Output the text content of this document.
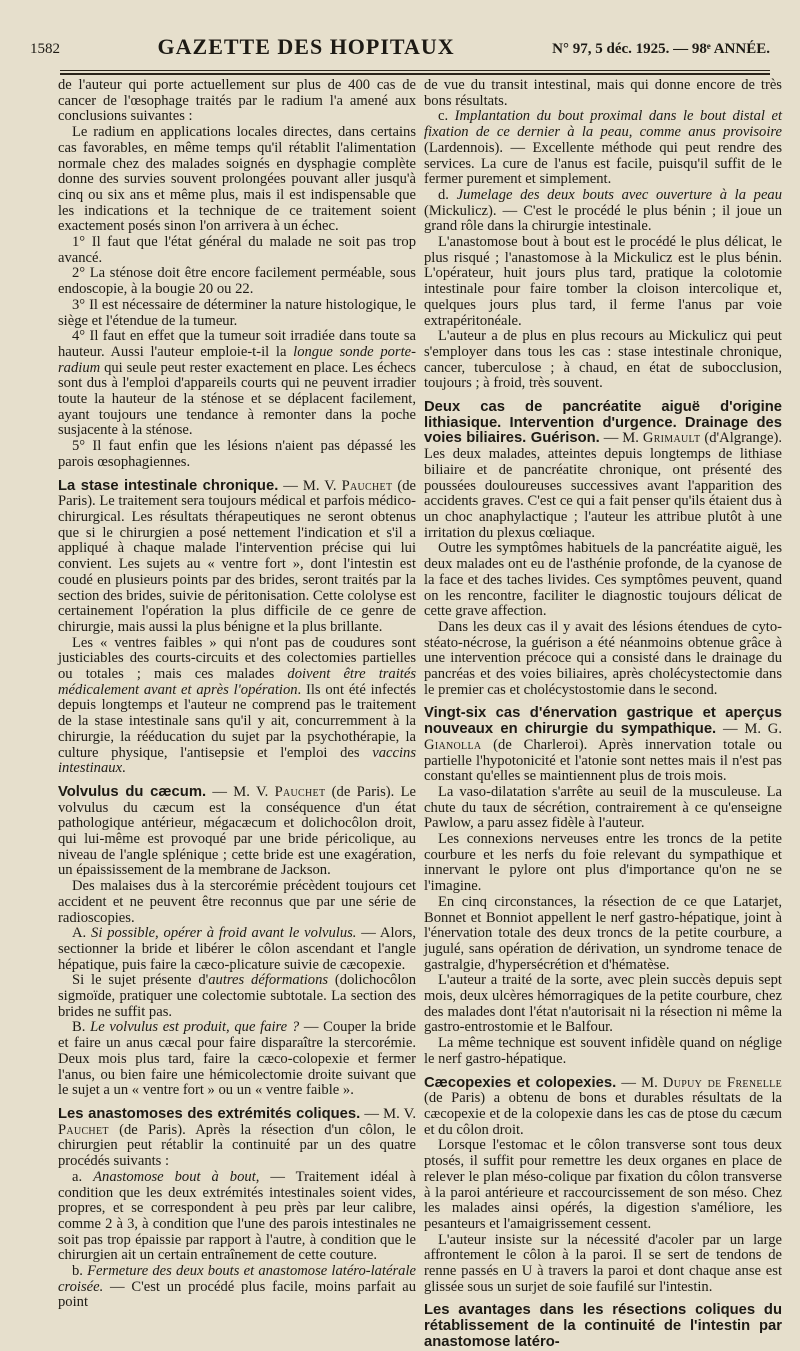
1582	GAZETTE DES HOPITAUX	N° 97, 5 déc. 1925. — 98ᵉ ANNÉE.

de l'auteur qui porte actuellement sur plus de 400 cas de cancer de l'œsophage traités par le radium l'a amené aux conclusions suivantes :

Le radium en applications locales directes, dans certains cas favorables, en même temps qu'il rétablit l'alimentation normale chez des malades soignés en dysphagie complète donne des survies souvent prolongées pouvant aller jusqu'à cinq ou six ans et même plus, mais il est indispensable que les indications et la technique de ce traitement soient exactement posés sinon l'on arrivera à un échec.

1° Il faut que l'état général du malade ne soit pas trop avancé.

2° La sténose doit être encore facilement perméable, sous endoscopie, à la bougie 20 ou 22.

3° Il est nécessaire de déterminer la nature histologique, le siège et l'étendue de la tumeur.

4° Il faut en effet que la tumeur soit irradiée dans toute sa hauteur. Aussi l'auteur emploie-t-il la longue sonde porte-radium qui seule peut rester exactement en place. Les échecs sont dus à l'emploi d'appareils courts qui ne peuvent irradier toute la hauteur de la sténose et se déplacent facilement, ayant toujours une tendance à remonter dans la poche susjacente à la sténose.

5° Il faut enfin que les lésions n'aient pas dépassé les parois œsophagiennes.

La stase intestinale chronique. — M. V. Pauchet (de Paris). Le traitement sera toujours médical et parfois médico-chirurgical. Les résultats thérapeutiques ne seront obtenus que si le chirurgien a posé nettement l'indication et s'il a appliqué à chaque malade l'intervention précise qui lui convient. Les sujets au « ventre fort », dont l'intestin est coudé en plusieurs points par des brides, seront traités par la section des brides, suivie de péritonisation. Cette cololyse est certainement l'opération la plus difficile de ce genre de chirurgie, mais aussi la plus bénigne et la plus brillante.

Les « ventres faibles » qui n'ont pas de coudures sont justiciables des courts-circuits et des colectomies partielles ou totales ; mais ces malades doivent être traités médicalement avant et après l'opération. Ils ont été infectés depuis longtemps et l'auteur ne comprend pas le traitement de la stase intestinale sans qu'il y ait, concurremment à la chirurgie, la rééducation du sujet par la psychothérapie, la culture physique, l'antisepsie et l'emploi des vaccins intestinaux.

Volvulus du cæcum. — M. V. Pauchet (de Paris). Le volvulus du cæcum est la conséquence d'un état pathologique antérieur, mégacæcum et dolichocôlon droit, qui lui-même est provoqué par une bride péricolique, au niveau de l'angle splénique ; cette bride est une exagération, un épaississement de la membrane de Jackson.

Des malaises dus à la stercorémie précèdent toujours cet accident et ne peuvent être reconnus que par une série de radioscopies.

A. Si possible, opérer à froid avant le volvulus. — Alors, sectionner la bride et libérer le côlon ascendant et l'angle hépatique, puis faire la cæco-plicature suivie de cæcopexie.

Si le sujet présente d'autres déformations (dolichocôlon sigmoïde, pratiquer une colectomie subtotale. La section des brides ne suffit pas.

B. Le volvulus est produit, que faire ? — Couper la bride et faire un anus cæcal pour faire disparaître la stercorémie. Deux mois plus tard, faire la cæco-colopexie et fermer l'anus, ou bien faire une hémicolectomie droite suivant que le sujet a un « ventre fort » ou un « ventre faible ».

Les anastomoses des extrémités coliques. — M. V. Pauchet (de Paris). Après la résection d'un côlon, le chirurgien peut rétablir la continuité par un des quatre procédés suivants :

a. Anastomose bout à bout, — Traitement idéal à condition que les deux extrémités intestinales soient vides, propres, et se correspondent à peu près par leur calibre, comme 2 à 3, à condition que l'une des parois intestinales ne soit pas trop épaissie par rapport à l'autre, à condition que le chirurgien ait un certain entraînement de cette couture.

b. Fermeture des deux bouts et anastomose latéro-latérale croisée. — C'est un procédé plus facile, moins parfait au point

de vue du transit intestinal, mais qui donne encore de très bons résultats.

c. Implantation du bout proximal dans le bout distal et fixation de ce dernier à la peau, comme anus provisoire (Lardennois). — Excellente méthode qui peut rendre des services. La cure de l'anus est facile, puisqu'il suffit de le fermer purement et simplement.

d. Jumelage des deux bouts avec ouverture à la peau (Mickulicz). — C'est le procédé le plus bénin ; il joue un grand rôle dans la chirurgie intestinale.

L'anastomose bout à bout est le procédé le plus délicat, le plus risqué ; l'anastomose à la Mickulicz est le plus bénin. L'opérateur, huit jours plus tard, pratique la colotomie intestinale pour faire tomber la cloison intercolique et, quelques jours plus tard, il ferme l'anus par voie extrapéritonéale.

L'auteur a de plus en plus recours au Mickulicz qui peut s'employer dans tous les cas : stase intestinale chronique, cancer, tuberculose ; à chaud, en état de subocclusion, toujours ; à froid, très souvent.

Deux cas de pancréatite aiguë d'origine lithiasique. Intervention d'urgence. Drainage des voies biliaires. Guérison. — M. Grimault (d'Algrange). Les deux malades, atteintes depuis longtemps de lithiase biliaire et de pancréatite chronique, ont présenté des poussées douloureuses successives avant l'apparition des accidents graves. C'est ce qui a fait penser qu'ils étaient dus à un choc anaphylactique ; l'auteur les attribue plutôt à une irritation du plexus cœliaque.

Outre les symptômes habituels de la pancréatite aiguë, les deux malades ont eu de l'asthénie profonde, de la cyanose de la face et des taches livides. Ces symptômes peuvent, quand on les rencontre, faciliter le diagnostic toujours délicat de cette grave affection.

Dans les deux cas il y avait des lésions étendues de cyto-stéato-nécrose, la guérison a été néanmoins obtenue grâce à une intervention précoce qui a consisté dans le drainage du pancréas et des voies biliaires, après cholécystectomie dans le premier cas et cholécystostomie dans le second.

Vingt-six cas d'énervation gastrique et aperçus nouveaux en chirurgie du sympathique. — M. G. Gianolla (de Charleroi). Après innervation totale ou partielle l'hypotonicité et l'atonie sont nettes mais il n'est pas constant qu'elles se maintiennent plus de trois mois.

La vaso-dilatation s'arrête au seuil de la musculeuse. La chute du taux de sécrétion, contrairement à ce qu'enseigne Pawlow, a paru assez fidèle à l'auteur.

Les connexions nerveuses entre les troncs de la petite courbure et les nerfs du foie relevant du sympathique et innervant le pylore ont plus d'importance qu'on ne se l'imagine.

En cinq circonstances, la résection de ce que Latarjet, Bonnet et Bonniot appellent le nerf gastro-hépatique, joint à l'énervation totale des deux troncs de la petite courbure, a jugulé, sans opération de dérivation, un syndrome tenace de gastralgie, d'hypersécrétion et d'hématèse.

L'auteur a traité de la sorte, avec plein succès depuis sept mois, deux ulcères hémorragiques de la petite courbure, chez des malades dont l'état n'autorisait ni la résection ni même la gastro-entrostomie et le Balfour.

La même technique est souvent infidèle quand on néglige le nerf gastro-hépatique.

Cæcopexies et colopexies. — M. Dupuy de Frenelle (de Paris) a obtenu de bons et durables résultats de la cæcopexie et de la colopexie dans les cas de ptose du cæcum et du côlon droit.

Lorsque l'estomac et le côlon transverse sont tous deux ptosés, il suffit pour remettre les deux organes en place de relever le plan méso-colique par fixation du côlon transverse à la paroi antérieure et raccourcissement de son méso. Chez les malades ainsi opérés, la digestion s'améliore, les pesanteurs et l'amaigrissement cessent.

L'auteur insiste sur la nécessité d'acoler par un large affrontement le côlon à la paroi. Il se sert de tendons de renne passés en U à travers la paroi et dont chaque anse est glissée sous un surjet de soie faufilé sur l'intestin.

Les avantages dans les résections coliques du rétablissement de la continuité de l'intestin par anastomose latéro-
